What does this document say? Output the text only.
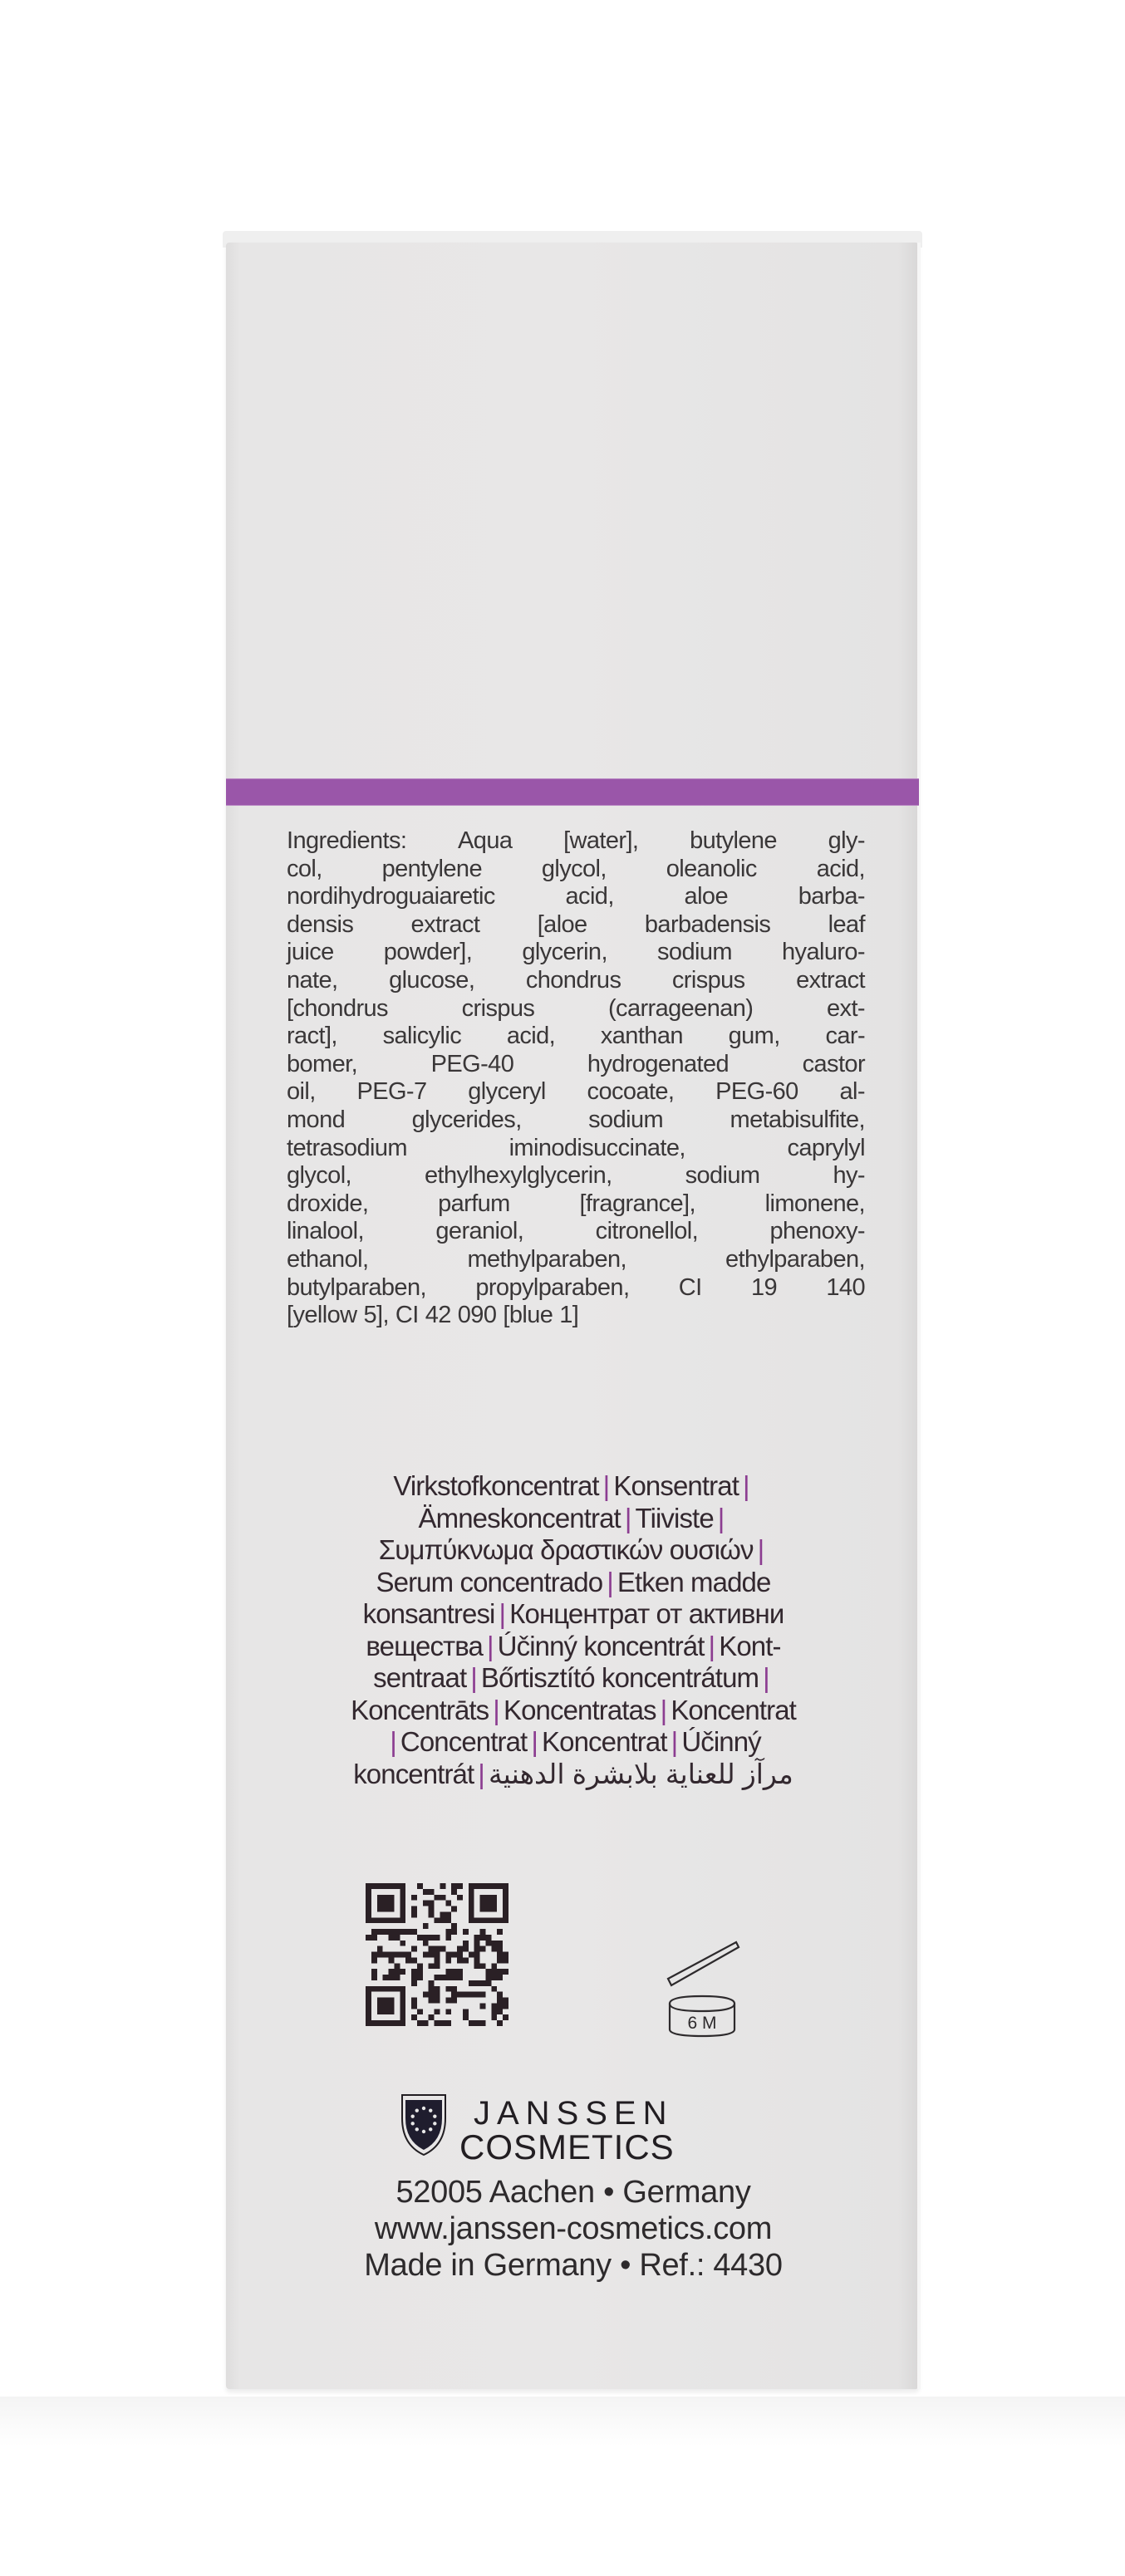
Ingredients: Aqua [water], butylene gly-
col, pentylene glycol, oleanolic acid,
nordihydroguaiaretic	acid,	aloe	barba-
densis extract [aloe barbadensis leaf
juice powder], glycerin, sodium hyaluro-
nate, glucose, chondrus crispus extract
[chondrus	crispus	(carrageenan)	ext-
ract], salicylic acid, xanthan gum, car-
bomer,	PEG-40	hydrogenated	castor
oil, PEG-7 glyceryl cocoate, PEG-60 al-
mond	glycerides,	sodium	metabisulfite,
tetrasodium	iminodisuccinate,	caprylyl
glycol,	ethylhexylglycerin,	sodium	hy-
droxide,	parfum	[fragrance],	limonene,
linalool,	geraniol,	citronellol,	phenoxy-
ethanol,	methylparaben,	ethylparaben,
butylparaben, propylparaben, CI 19 140
[yellow 5], CI 42 090 [blue 1]
Virkstofkoncentrat | Konsentrat |
Ämneskoncentrat | Tiiviste |
Συμπύκνωμα δραστικών ουσιών |
Serum concentrado | Etken madde
konsantresi | Концентрат от активни
вещества | Účinný koncentrát | Kont-
sentraat | Bőrtisztító koncentrátum |
Koncentrāts | Koncentratas | Koncentrat
| Concentrat | Koncentrat | Účinný
koncentrát | مرآز للعناية بلابشرة الدهنية
6 M
JANSSEN
COSMETICS
52005 Aachen • Germany
www.janssen-cosmetics.com
Made in Germany • Ref.: 4430
